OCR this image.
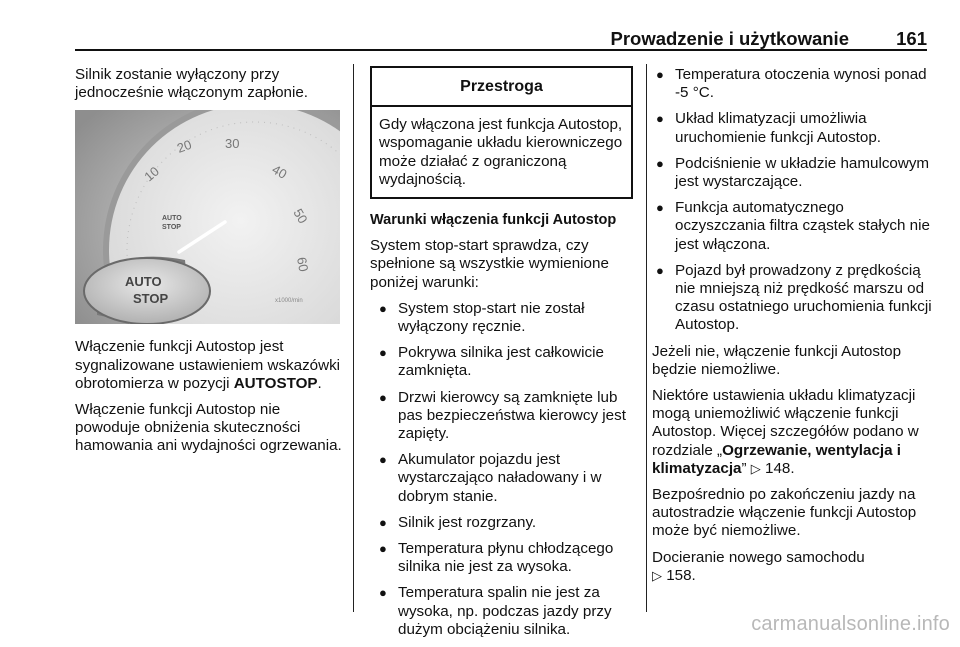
Prowadzenie i użytkowanie	161

Silnik zostanie wyłączony przy jednocześnie włączonym zapłonie.

10
20 30
40
50
60
x1000/min
AUTO
STOP
AUTO
STOP

Włączenie funkcji Autostop jest sygnalizowane ustawieniem wskazówki obrotomierza w pozycji AUTOSTOP.

Włączenie funkcji Autostop nie powoduje obniżenia skuteczności hamowania ani wydajności ogrzewania.

Przestroga
Gdy włączona jest funkcja Autostop, wspomaganie układu kierowniczego może działać z ograniczoną wydajnością.

Warunki włączenia funkcji Autostop

System stop-start sprawdza, czy spełnione są wszystkie wymienione poniżej warunki:

● System stop-start nie został wyłączony ręcznie.
● Pokrywa silnika jest całkowicie zamknięta.
● Drzwi kierowcy są zamknięte lub pas bezpieczeństwa kierowcy jest zapięty.
● Akumulator pojazdu jest wystarczająco naładowany i w dobrym stanie.
● Silnik jest rozgrzany.
● Temperatura płynu chłodzącego silnika nie jest za wysoka.
● Temperatura spalin nie jest za wysoka, np. podczas jazdy przy dużym obciążeniu silnika.
● Temperatura otoczenia wynosi ponad -5 °C.
● Układ klimatyzacji umożliwia uruchomienie funkcji Autostop.
● Podciśnienie w układzie hamulcowym jest wystarczające.
● Funkcja automatycznego oczyszczania filtra cząstek stałych nie jest włączona.
● Pojazd był prowadzony z prędkością nie mniejszą niż prędkość marszu od czasu ostatniego uruchomienia funkcji Autostop.

Jeżeli nie, włączenie funkcji Autostop będzie niemożliwe.

Niektóre ustawienia układu klimatyzacji mogą uniemożliwić włączenie funkcji Autostop. Więcej szczegółów podano w rozdziale „Ogrzewanie, wentylacja i klimatyzacja” ▷ 148.

Bezpośrednio po zakończeniu jazdy na autostradzie włączenie funkcji Autostop może być niemożliwe.

Docieranie nowego samochodu
▷ 158.

carmanualsonline.info
